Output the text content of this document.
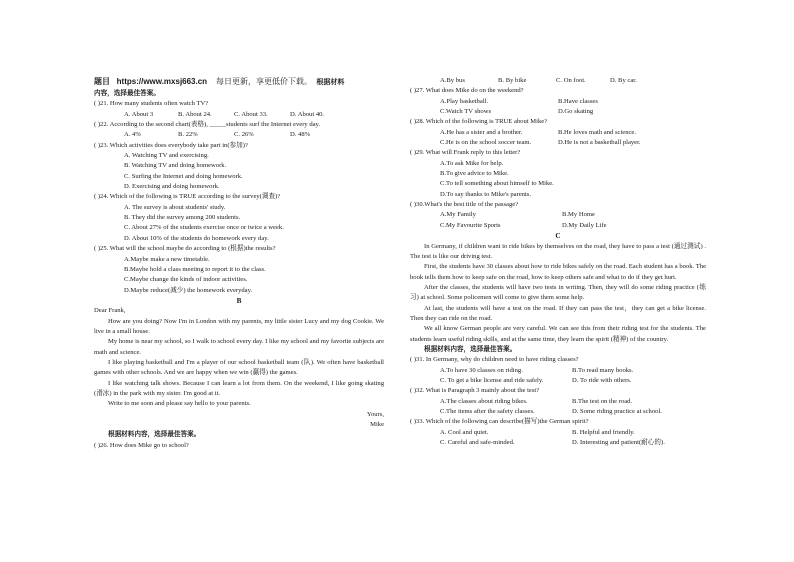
题目 https://www.mxsj663.cn 每日更新，享更低价下载。 根据材料
内容，选择最佳答案。
( )21. How many students often watch TV?
A. About 3	B. About 24.	C. About 33.	D. About 40.
( )22. According to the second chart(表格), _____students surf the Internet every day.
A. 4%	B. 22%	C. 26%	D. 48%
( )23. Which activities does everybody take part in(参加)?
A. Watching TV and exercising.
B. Watching TV and doing homework.
C. Surfing the Internet and doing homework.
D. Exercising and doing homework.
( )24. Which of the following is TRUE according to the survey(调查)?
A. The survey is about students' study.
B. They did the survey among 200 students.
C. About 27% of the students exercise once or twice a week.
D. About 10% of the students do homework every day.
( )25. What will the school maybe do according to (根据)the results?
A.Maybe make a new timetable.
B.Maybe hold a class meeting to report it to the class.
C.Maybe change the kinds of indoor activities.
D.Maybe reduce(减少) the homework everyday.
B
Dear Frank,
How are you doing? Now I'm in London with my parents, my little sister Lucy and my dog Cookie. We live in a small house.
My home is near my school, so I walk to school every day. I like my school and my favorite subjects are math and science.
I like playing basketball and I'm a player of our school basketball team (队). We often have basketball games with other schools. And we are happy when we win (赢得) the games.
I like watching talk shows. Because I can learn a lot from them. On the weekend, I like going skating (滑冰) in the park with my sister. I'm good at it.
Write to me soon and please say hello to your parents.
Yours,
Mike
根据材料内容，选择最佳答案。
( )26. How does Mike go to school?
A.By bus	B. By bike	C. On foot.	D. By car.
( )27. What does Mike do on the weekend?
A.Play basketball.	B.Have classes
C.Watch TV shows	D.Go skating
( )28. Which of the following is TRUE about Mike?
A.He has a sister and a brother.	B.He loves math and science.
C.He is on the school soccer team.	D.He is not a basketball player.
( )29. What will Frank reply to this letter?
A.To ask Mike for help.
B.To give advice to Mike.
C.To tell something about himself to Mike.
D.To say thanks to Mike's parents.
( )30.What's the best title of the passage?
A.My Family	B.My Home
C.My Favourite Sports	D.My Daily Life
C
In Germany, if children want to ride bikes by themselves on the road, they have to pass a test (通过测试) . The test is like our driving test.
First, the students have 30 classes about how to ride bikes safely on the road. Each student has a book. The book tells them how to keep safe on the road, how to keep others safe and what to do if they get hurt.
After the classes, the students will have two tests in writing. Then, they will do some riding practice (练习) at school. Some policemen will come to give them some help.
At last, the students will have a test on the road. If they can pass the test，they can get a bike license. Then they can ride on the road.
We all know German people are very careful. We can see this from their riding test for the students. The students learn useful riding skills, and at the same time, they learn the spirit (精神) of the country.
根据材料内容，选择最佳答案。
( )31. In Germany, why do children need to have riding classes?
A.To have 30 classes on riding.	B.To read many books.
C. To get a bike license and ride safely.	D. To ride with others.
( )32. What is Paragraph 3 mainly about the test?
A.The classes about riding bikes.	B.The test on the road.
C.The items after the safety classes.	D. Some riding practice at school.
( )33. Which of the following can describe(描写)the German spirit?
A. Cool and quiet.	B. Helpful and friendly.
C. Careful and safe-minded.	D. Interesting and patient(耐心的).
